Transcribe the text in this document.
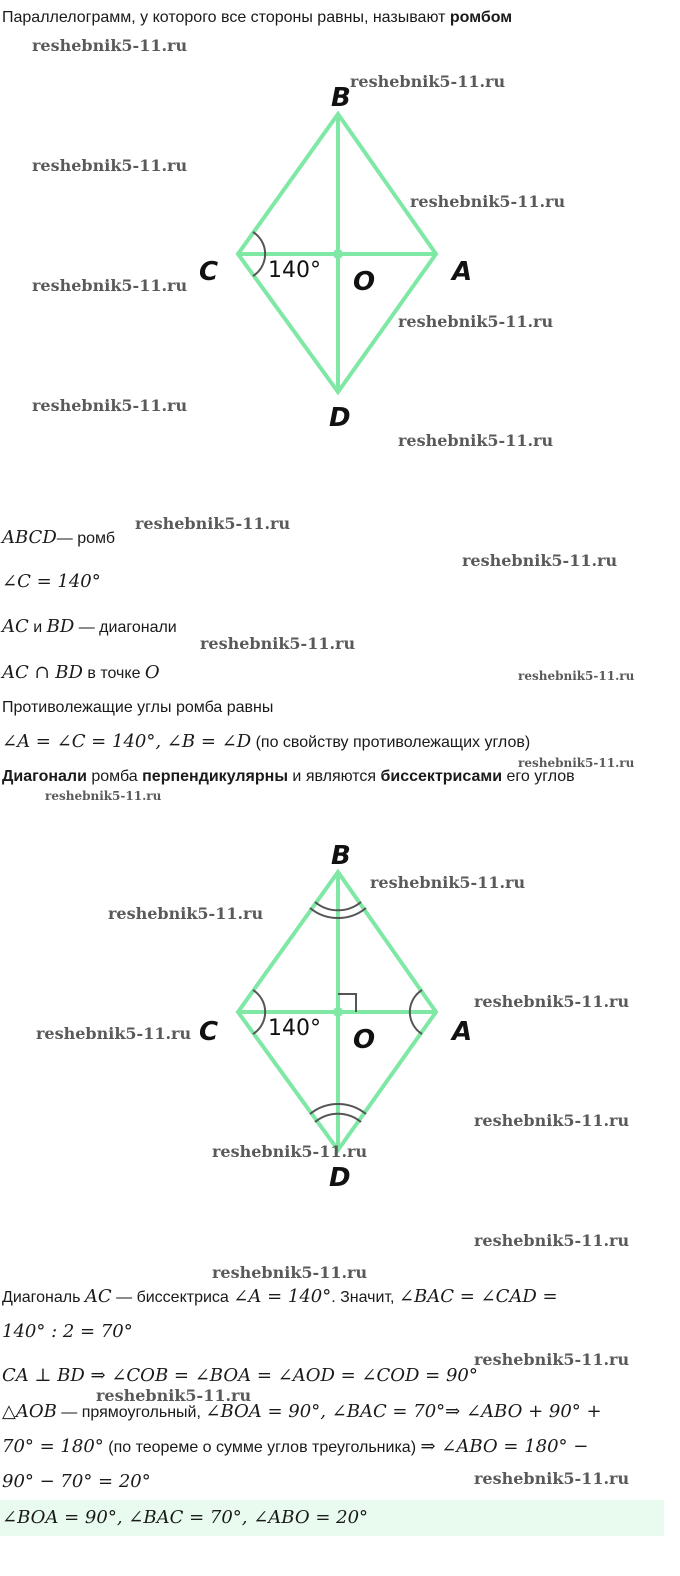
Параллелограмм, у которого все стороны равны, называют ромбом
140°
B
C	O	A
D
ABCD— ромб
∠C = 140°
AC и BD — диагонали
AC ∩ BD в точке O
Противолежащие углы ромба равны
∠A = ∠C = 140°, ∠B = ∠D (по свойству противолежащих углов)
Диагонали ромба перпендикулярны и являются биссектрисами его углов
140°
B
C	O	A
D
Диагональ AC — биссектриса ∠A = 140°. Значит, ∠BAC = ∠CAD =
140° : 2 = 70°
CA ⊥ BD ⇒ ∠COB = ∠BOA = ∠AOD = ∠COD = 90°
△AOB — прямоугольный, ∠BOA = 90°, ∠BAC = 70°⇒ ∠ABO + 90° +
70° = 180° (по теореме о сумме углов треугольника) ⇒ ∠ABO = 180° −
90° − 70° = 20°
∠BOA = 90°, ∠BAC = 70°, ∠ABO = 20°
reshebnik5-11.ru
reshebnik5-11.ru
reshebnik5-11.ru
reshebnik5-11.ru
reshebnik5-11.ru
reshebnik5-11.ru
reshebnik5-11.ru
reshebnik5-11.ru
reshebnik5-11.ru
reshebnik5-11.ru
reshebnik5-11.ru
reshebnik5-11.ru
reshebnik5-11.ru
reshebnik5-11.ru
reshebnik5-11.ru
reshebnik5-11.ru
reshebnik5-11.ru
reshebnik5-11.ru
reshebnik5-11.ru
reshebnik5-11.ru
reshebnik5-11.ru
reshebnik5-11.ru
reshebnik5-11.ru
reshebnik5-11.ru
reshebnik5-11.ru
